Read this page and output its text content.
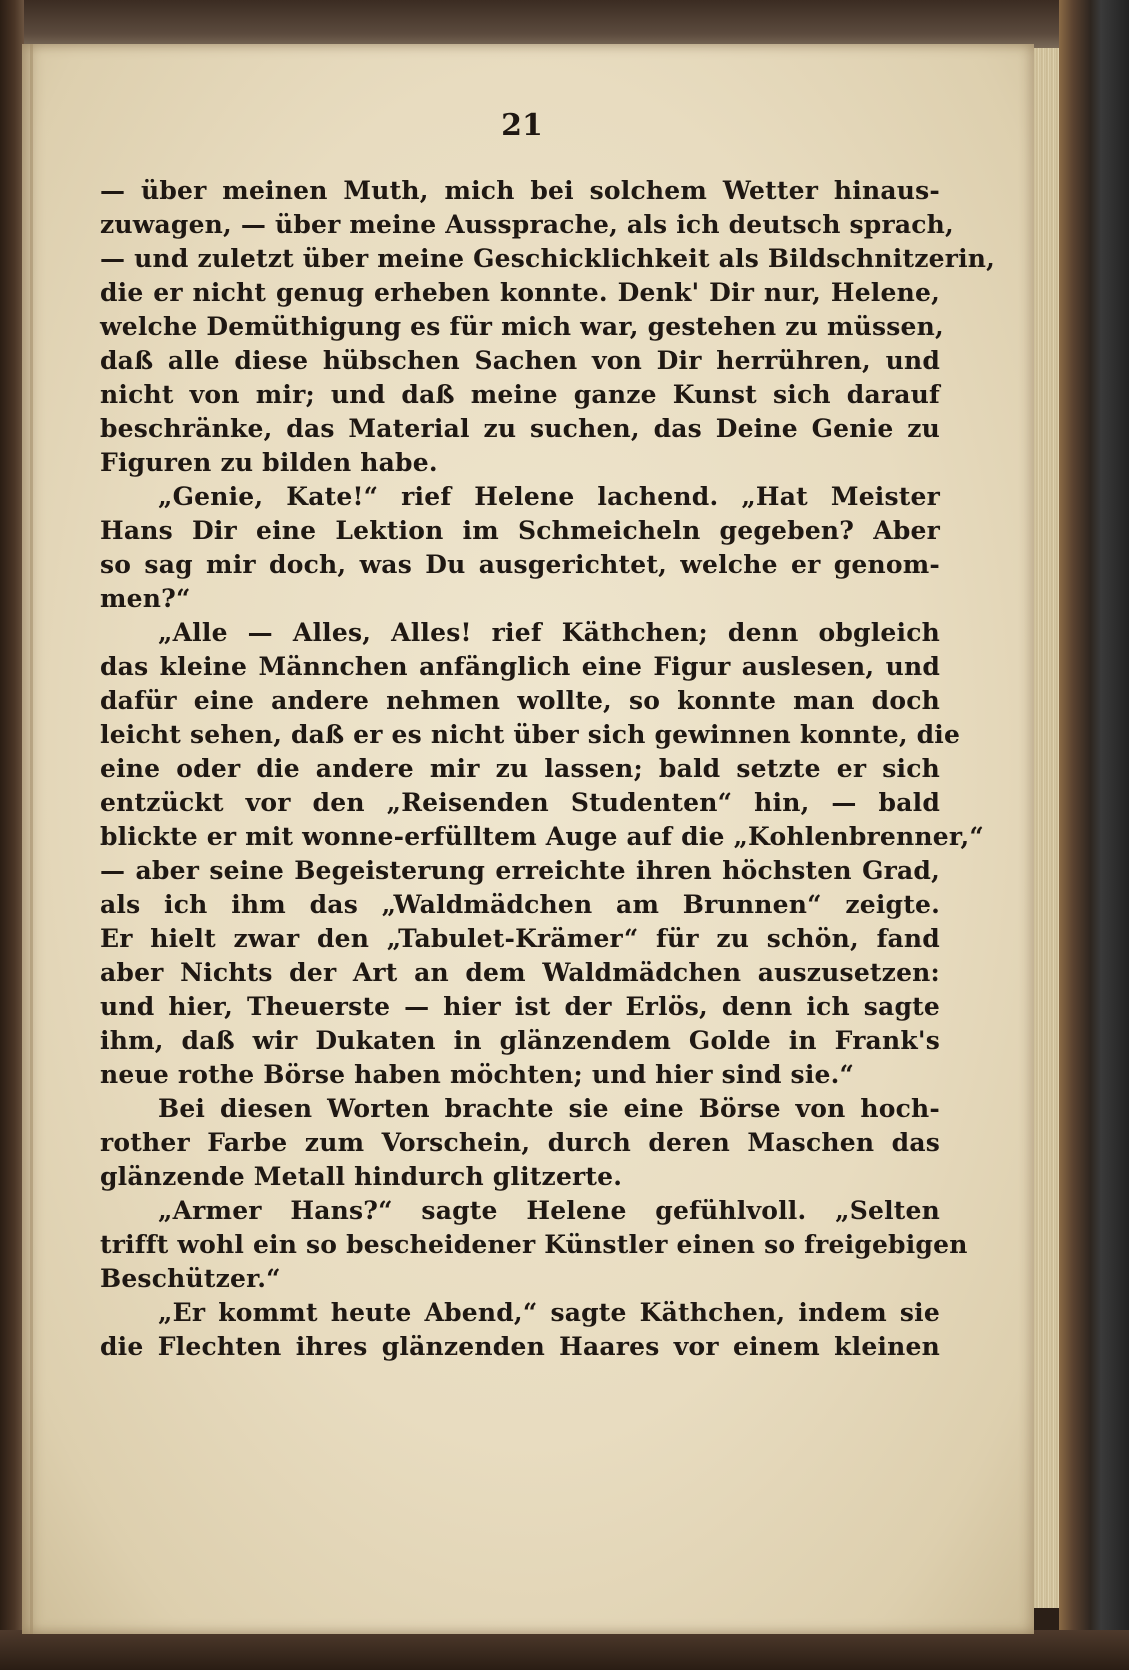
21
— über meinen Muth, mich bei solchem Wetter hinaus-
zuwagen, — über meine Aussprache, als ich deutsch sprach,
— und zuletzt über meine Geschicklichkeit als Bildschnitzerin,
die er nicht genug erheben konnte. Denk' Dir nur, Helene,
welche Demüthigung es für mich war, gestehen zu müssen,
daß alle diese hübschen Sachen von Dir herrühren, und
nicht von mir; und daß meine ganze Kunst sich darauf
beschränke, das Material zu suchen, das Deine Genie zu
Figuren zu bilden habe.
„Genie, Kate!“ rief Helene lachend. „Hat Meister
Hans Dir eine Lektion im Schmeicheln gegeben? Aber
so sag mir doch, was Du ausgerichtet, welche er genom-
men?“
„Alle — Alles, Alles! rief Käthchen; denn obgleich
das kleine Männchen anfänglich eine Figur auslesen, und
dafür eine andere nehmen wollte, so konnte man doch
leicht sehen, daß er es nicht über sich gewinnen konnte, die
eine oder die andere mir zu lassen; bald setzte er sich
entzückt vor den „Reisenden Studenten“ hin, — bald
blickte er mit wonne-erfülltem Auge auf die „Kohlenbrenner,“
— aber seine Begeisterung erreichte ihren höchsten Grad,
als ich ihm das „Waldmädchen am Brunnen“ zeigte.
Er hielt zwar den „Tabulet-Krämer“ für zu schön, fand
aber Nichts der Art an dem Waldmädchen auszusetzen:
und hier, Theuerste — hier ist der Erlös, denn ich sagte
ihm, daß wir Dukaten in glänzendem Golde in Frank's
neue rothe Börse haben möchten; und hier sind sie.“
Bei diesen Worten brachte sie eine Börse von hoch-
rother Farbe zum Vorschein, durch deren Maschen das
glänzende Metall hindurch glitzerte.
„Armer Hans?“ sagte Helene gefühlvoll. „Selten
trifft wohl ein so bescheidener Künstler einen so freigebigen
Beschützer.“
„Er kommt heute Abend,“ sagte Käthchen, indem sie
die Flechten ihres glänzenden Haares vor einem kleinen
